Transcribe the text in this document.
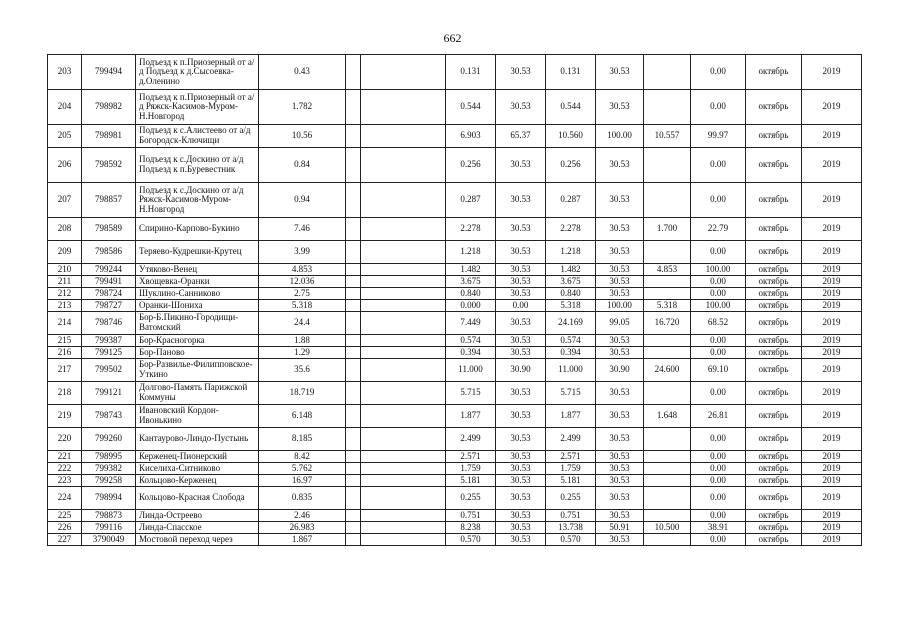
662
203	799494	Подъезд к п.Приозерный от а/д Подъезд к д.Сысоевка-д.Оленино	0.43			0.131	30.53	0.131	30.53		0.00	октябрь	2019
204	798982	Подъезд к п.Приозерный от а/д Ряжск-Касимов-Муром-Н.Новгород	1.782			0.544	30.53	0.544	30.53		0.00	октябрь	2019
205	798981	Подъезд к с.Алистеево от а/д Богородск-Ключищи	10.56			6.903	65.37	10.560	100.00	10.557	99.97	октябрь	2019
206	798592	Подъезд к с.Доскино от а/д Подъезд к п.Буревестник	0.84			0.256	30.53	0.256	30.53		0.00	октябрь	2019
207	798857	Подъезд к с.Доскино от а/д Ряжск-Касимов-Муром-Н.Новгород	0.94			0.287	30.53	0.287	30.53		0.00	октябрь	2019
208	798589	Спирино-Карпово-Букино	7.46			2.278	30.53	2.278	30.53	1.700	22.79	октябрь	2019
209	798586	Теряево-Кудрешки-Крутец	3.99			1.218	30.53	1.218	30.53		0.00	октябрь	2019
210	799244	Утяково-Венец	4.853			1.482	30.53	1.482	30.53	4.853	100.00	октябрь	2019
211	799491	Хвощевка-Оранки	12.036			3.675	30.53	3.675	30.53		0.00	октябрь	2019
212	798724	Шуклино-Санниково	2.75			0.840	30.53	0.840	30.53		0.00	октябрь	2019
213	798727	Оранки-Шониха	5.318			0.000	0.00	5.318	100.00	5.318	100.00	октябрь	2019
214	798746	Бор-Б.Пикино-Городищи-Ватомский	24.4			7.449	30.53	24.169	99.05	16.720	68.52	октябрь	2019
215	799387	Бор-Красногорка	1.88			0.574	30.53	0.574	30.53		0.00	октябрь	2019
216	799125	Бор-Паново	1.29			0.394	30.53	0.394	30.53		0.00	октябрь	2019
217	799502	Бор-Развилье-Филипповское-Уткино	35.6			11.000	30.90	11.000	30.90	24.600	69.10	октябрь	2019
218	799121	Долгово-Память Парижской Коммуны	18.719			5.715	30.53	5.715	30.53		0.00	октябрь	2019
219	798743	Ивановский Кордон-Ивонькино	6.148			1.877	30.53	1.877	30.53	1.648	26.81	октябрь	2019
220	799260	Кантаурово-Линдо-Пустынь	8.185			2.499	30.53	2.499	30.53		0.00	октябрь	2019
221	798995	Керженец-Пионерский	8.42			2.571	30.53	2.571	30.53		0.00	октябрь	2019
222	799382	Киселиха-Ситниково	5.762			1.759	30.53	1.759	30.53		0.00	октябрь	2019
223	799258	Кольцово-Керженец	16.97			5.181	30.53	5.181	30.53		0.00	октябрь	2019
224	798994	Кольцово-Красная Слобода	0.835			0.255	30.53	0.255	30.53		0.00	октябрь	2019
225	798873	Линда-Остреево	2.46			0.751	30.53	0.751	30.53		0.00	октябрь	2019
226	799116	Линда-Спасское	26.983			8.238	30.53	13.738	50.91	10.500	38.91	октябрь	2019
227	3790049	Мостовой переход через	1.867			0.570	30.53	0.570	30.53		0.00	октябрь	2019
